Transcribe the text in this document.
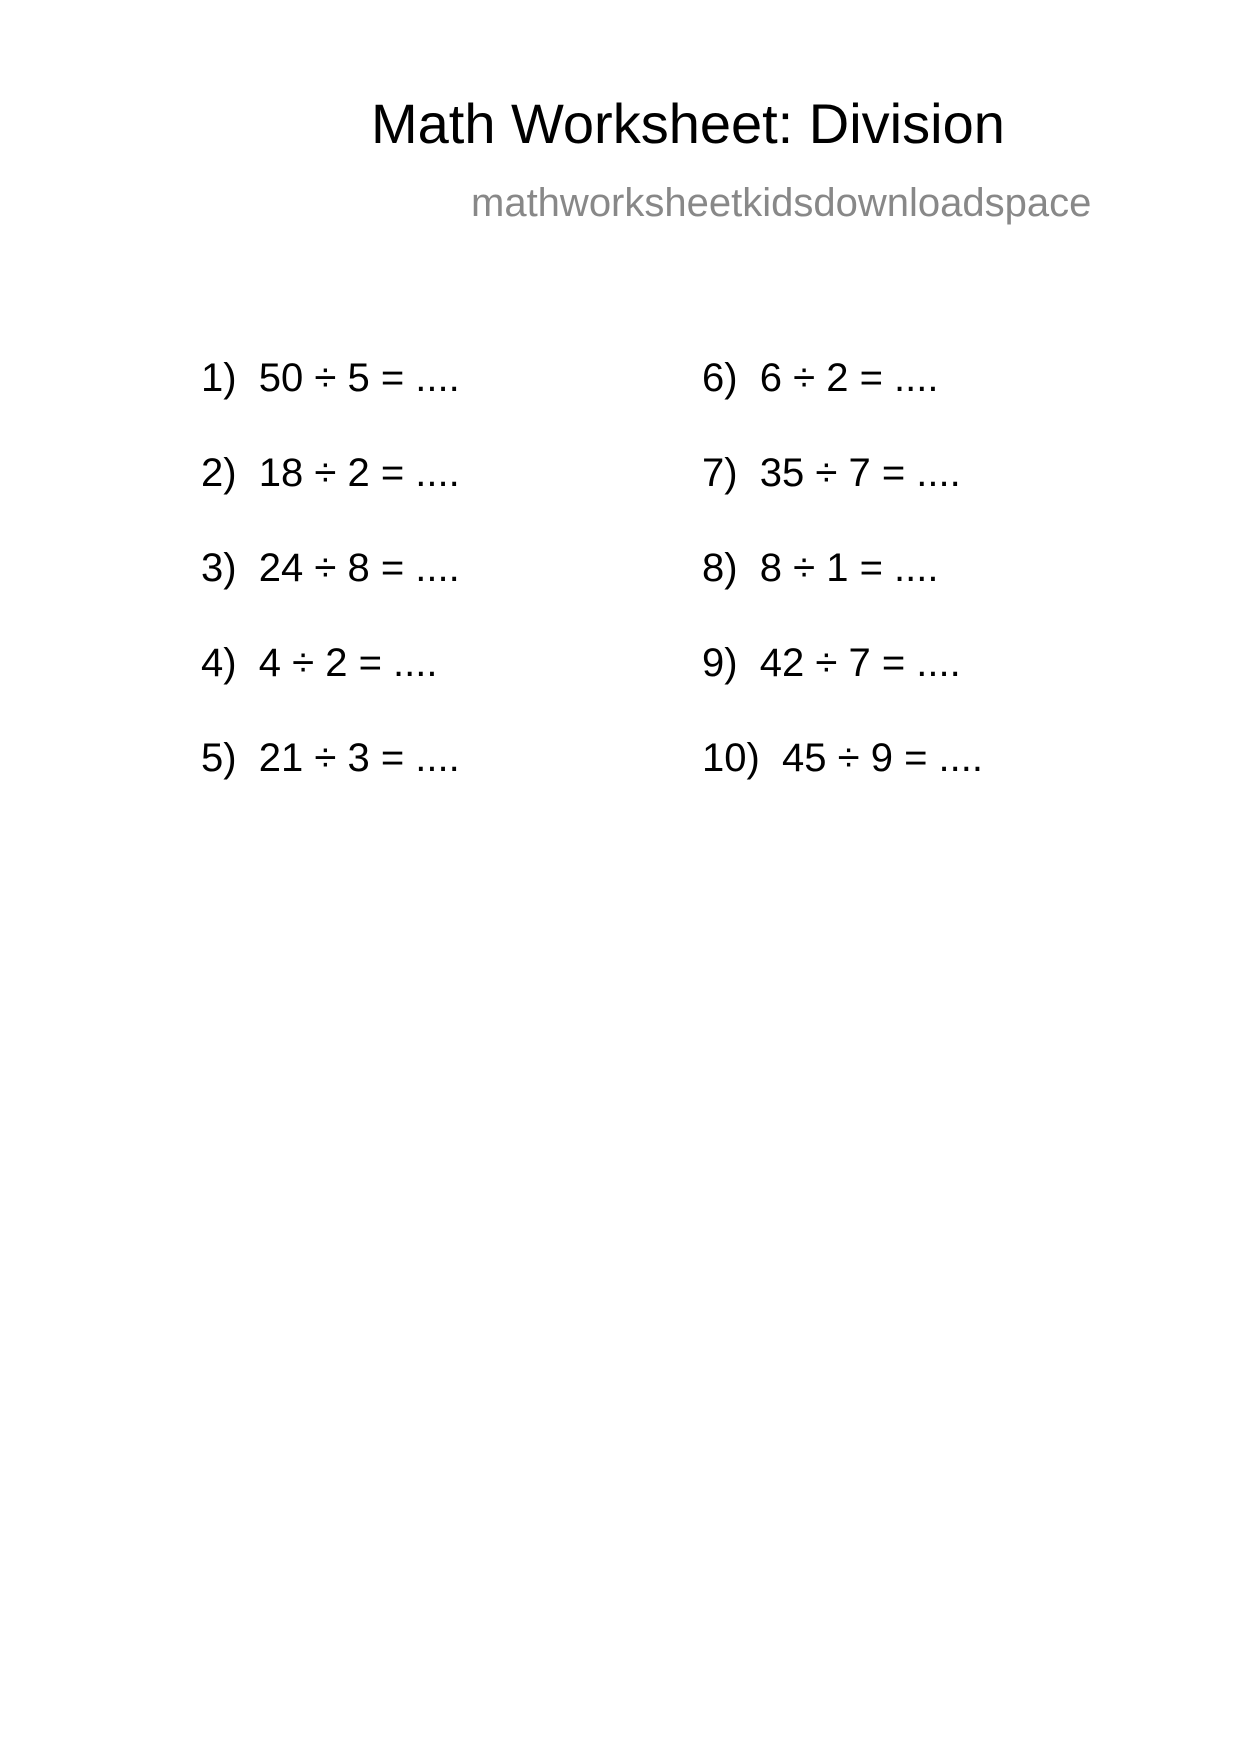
Math Worksheet: Division
mathworksheetkidsdownloadspace
1)  50 ÷ 5 = ....
2)  18 ÷ 2 = ....
3)  24 ÷ 8 = ....
4)  4 ÷ 2 = ....
5)  21 ÷ 3 = ....
6)  6 ÷ 2 = ....
7)  35 ÷ 7 = ....
8)  8 ÷ 1 = ....
9)  42 ÷ 7 = ....
10)  45 ÷ 9 = ....
